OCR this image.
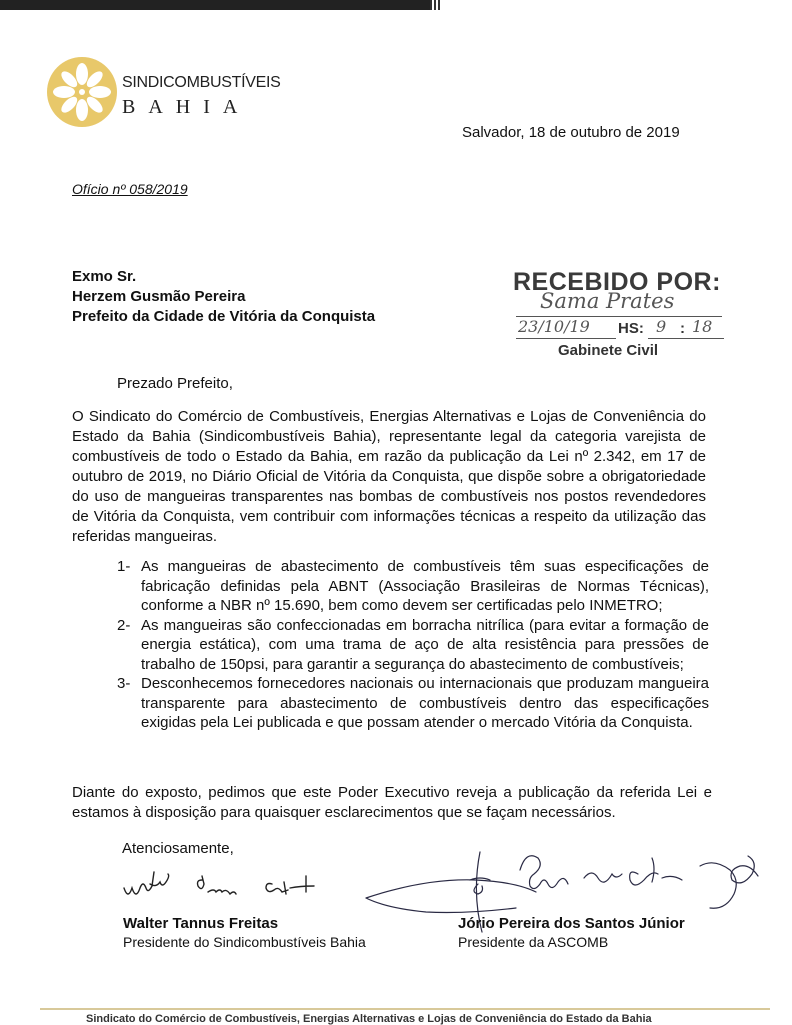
SINDICOMBUSTÍVEIS
BAHIA
Salvador, 18 de outubro de 2019
Ofício nº 058/2019
Exmo Sr.
Herzem Gusmão Pereira
Prefeito da Cidade de Vitória da Conquista
RECEBIDO POR:
Sama Prates
23/10/19 HS: 9 : 18
Gabinete Civil
Prezado Prefeito,
O Sindicato do Comércio de Combustíveis, Energias Alternativas e Lojas de Conveniência do Estado da Bahia (Sindicombustíveis Bahia), representante legal da categoria varejista de combustíveis de todo o Estado da Bahia, em razão da publicação da Lei nº 2.342, em 17 de outubro de 2019, no Diário Oficial de Vitória da Conquista, que dispõe sobre a obrigatoriedade do uso de mangueiras transparentes nas bombas de combustíveis nos postos revendedores de Vitória da Conquista, vem contribuir com informações técnicas a respeito da utilização das referidas mangueiras.
1- As mangueiras de abastecimento de combustíveis têm suas especificações de fabricação definidas pela ABNT (Associação Brasileiras de Normas Técnicas), conforme a NBR nº 15.690, bem como devem ser certificadas pelo INMETRO;
2- As mangueiras são confeccionadas em borracha nitrílica (para evitar a formação de energia estática), com uma trama de aço de alta resistência para pressões de trabalho de 150psi, para garantir a segurança do abastecimento de combustíveis;
3- Desconhecemos fornecedores nacionais ou internacionais que produzam mangueira transparente para abastecimento de combustíveis dentro das especificações exigidas pela Lei publicada e que possam atender o mercado Vitória da Conquista.
Diante do exposto, pedimos que este Poder Executivo reveja a publicação da referida Lei e estamos à disposição para quaisquer esclarecimentos que se façam necessários.
Atenciosamente,
Walter Tannus Freitas
Presidente do Sindicombustíveis Bahia
Jório Pereira dos Santos Júnior
Presidente da ASCOMB
Sindicato do Comércio de Combustíveis, Energias Alternativas e Lojas de Conveniência do Estado da Bahia
